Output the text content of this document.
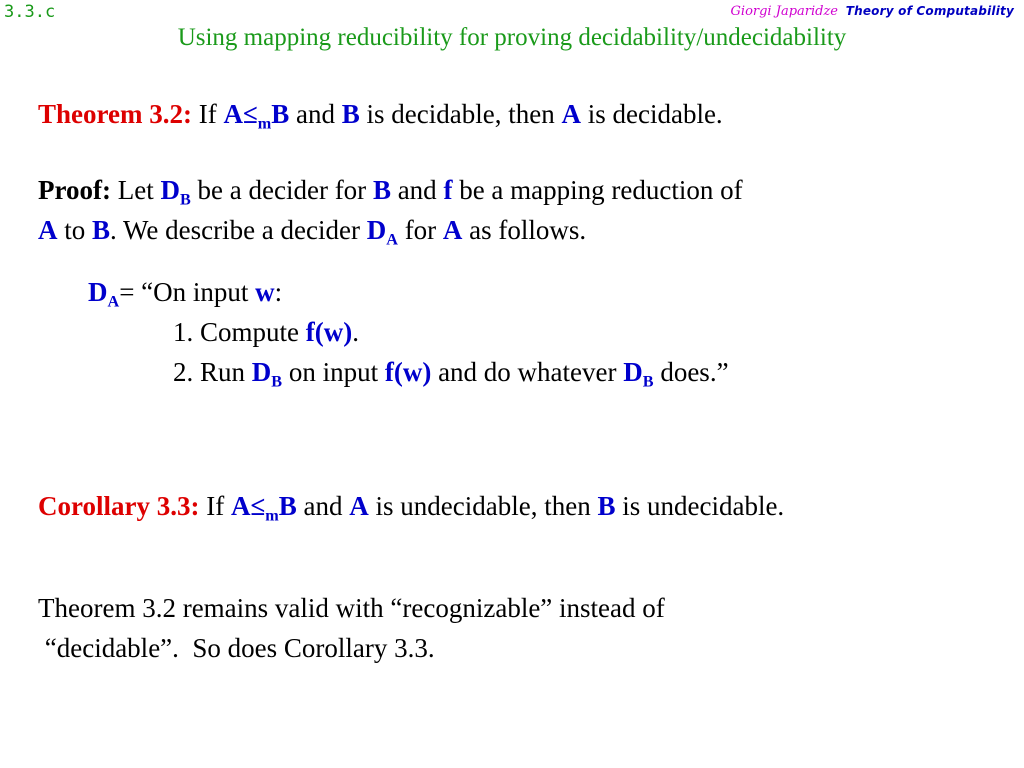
3.3.c	Giorgi Japaridze Theory of Computability
Using mapping reducibility for proving decidability/undecidability
Theorem 3.2: If $A\le_mB$ and B is decidable, then A is decidable.
Proof: Let $D_B$ be a decider for B and f be a mapping reduction of
A to B. We describe a decider $D_A$ for A as follows.
$D_A=$ “On input w:
1. Compute f(w).
2. Run $D_B$ on input f(w) and do whatever $D_B$ does.”
Corollary 3.3: If $A\le_mB$ and A is undecidable, then B is undecidable.
Theorem 3.2 remains valid with “recognizable” instead of
“decidable”.  So does Corollary 3.3.
